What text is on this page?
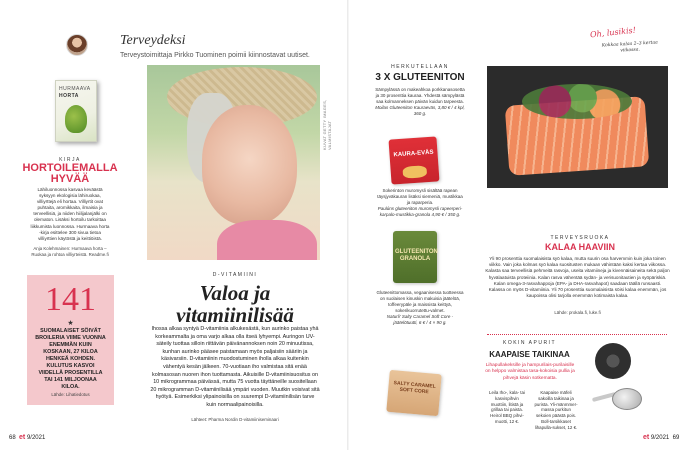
Terveydeksi
Terveystoimittaja Pirkko Tuominen poimii kiinnostavat uutiset.
HURMAAVA
HORTA
KIRJA
HORTOILEMALLA HYVÄÄ
Lähiluonnossa kasvaa keväästä syksyyn ekologisia lähiruokaa, villiyrttejä eli hortaa. Villiyrtit ovat puhtaita, aromikkaita, ilmaisia ja terveellisiä, ja niiden hiilijalanjälki on olematon. Lisäksi hortoilu tarkoittaa liikkumista luonnossa. Hurmaava horta -kirja esittelee 300 sivua tietoa villiyrttien käytöstä ja keittiöistä.
Anja Kolehmainen: Hurmaava horta – Ruokaa ja rohtoa villiyrteistä. Readme.fi
141
★
SUOMALAISET SÖIVÄT BROILERIA VIIME VUONNA ENEMMÄN KUIN KOSKAAN, 27 KILOA HENKEÄ KOHDEN. KULUTUS KASVOI VIIDELLÄ PROSENTILLA TAI 141 MILJOONAA KILOA.
Lähde: Lihatiedotus
KUVAT GETTY IMAGES, VALMISTAJAT
D-VITAMIINI
Valoa ja vitamiinilisää
Ihossa alkaa syntyä D-vitamiinia alkukesästä, kun aurinko paistaa yhä korkeammalta ja oma varjo alkaa olla itseä lyhyempi. Auringon UV-säteily tuottaa silloin riittävän päivänannoksen noin 20 minuutissa, kunhan aurinko pääsee paistamaan myös paljaisiin sääriin ja käsivarsiin. D-vitamiinin muodostuminen iholla alkaa kuitenkin vähentyä kesän jälkeen. 70-vuotiaan iho valmistaa sitä enää kolmasosan nuoren ihon tuottamasta. Aikuisille D-vitamiinisuositus on 10 mikrogrammaa päivässä, mutta 75 vuotta täyttäneille suositellaan 20 mikrogramman D-vitamiinilisää ympäri vuoden. Muutkin voisivat sitä hyötyä. Esimerkiksi ylipainoisilla on suurempi D-vitamiinilisän tarve kuin normaalipainoisilla.
Lähteet: Pharma Nordin D-vitamiiniseminaari
68 et 9/2021
HERKUTELLAAN
3 X GLUTEENITON
Sämpylässä on makeahkoa porkkanasosetta ja 30 prosenttia kauraa. Yhdestä sämpylästä saa kolmanneksen päivän kuidun tarpeesta.
Moilas Gluteeniton Kauraeväs, 3,80 € / 4 kpl, 360 g.
KAURA-EVÄS
Sokerinton muromysli sisältää rapean täysjyväkauran lisäksi siemeniä, mustikkaa ja raparperia.
Paulúns gluteeniton muromysli rapeerperi-karpalo-mustikka-granola 4,90 € / 350 g.
GLUTEENITON GRANOLA
Gluteenittomassa, vegaanisessa tuotteessa on suolaisen kinuskin makuisia jäätelöä, toffeerypäle ja maissista keittyä, sokerikuorrutettu-valmet.
Naturli' Salty Caramel Soft Core -jäätelötuutti, 6 € / 4 × 90 g.
SALTY CARAMEL SOFT CORE
Oh, lusikis!
Kokkaa kalaa 2–3 kertaa viikossa.
TERVEYSRUOKA
KALAA HAAVIIN
Yli 90 prosenttia suomalaisista syö kalaa, mutta suurin osa harvemmin kuin joka toinen viikko. Vain joka kolmas syö kalaa suositusten mukaan vähintään kaksi kertaa viikossa. Kalasta saa terveellisiä pehmeitä rasvoja, useita vitamiineja ja kivennäisaineita sekä paljon hyvälaatuista proteiinia. Kalan rasva vähentää sydän- ja verisuonitautien ja syöpäriskiä. Kalan omega-3-rasvahappoja (EPA- ja DHA-rasvahapot) saadaan täällä runsaasti. Kalassa on myös D-vitamiinia. Yli 70 prosenttia suomalaisista söisi kalaa enemmän, jos kaupoissa olisi tarjolla enemmän kotimaista kalaa.
Lähde: prokala.fi, luke.fi
KOKIN APURIT
KAAPAISE TAIKINAA
Lihapullakeksille ja hampurilais-purilaisille on helppo valmistaa tasa-kokoisia pullia ja pihvejä käsin sotkematta.
Leila Iho-, kala- tai kasvispihvin muottiin, litistä ja grillaa tai paista. Heirol BBQ pihvi-muotti, 12 €.
Kaapaise mäfeli sakoilla taikinaa ja purista. Yli-mänmmer-massa purkitun sekoien päästä pois. Boll-tarsikkaset lihapulla-sukset, 12 €.
et 9/2021 69
